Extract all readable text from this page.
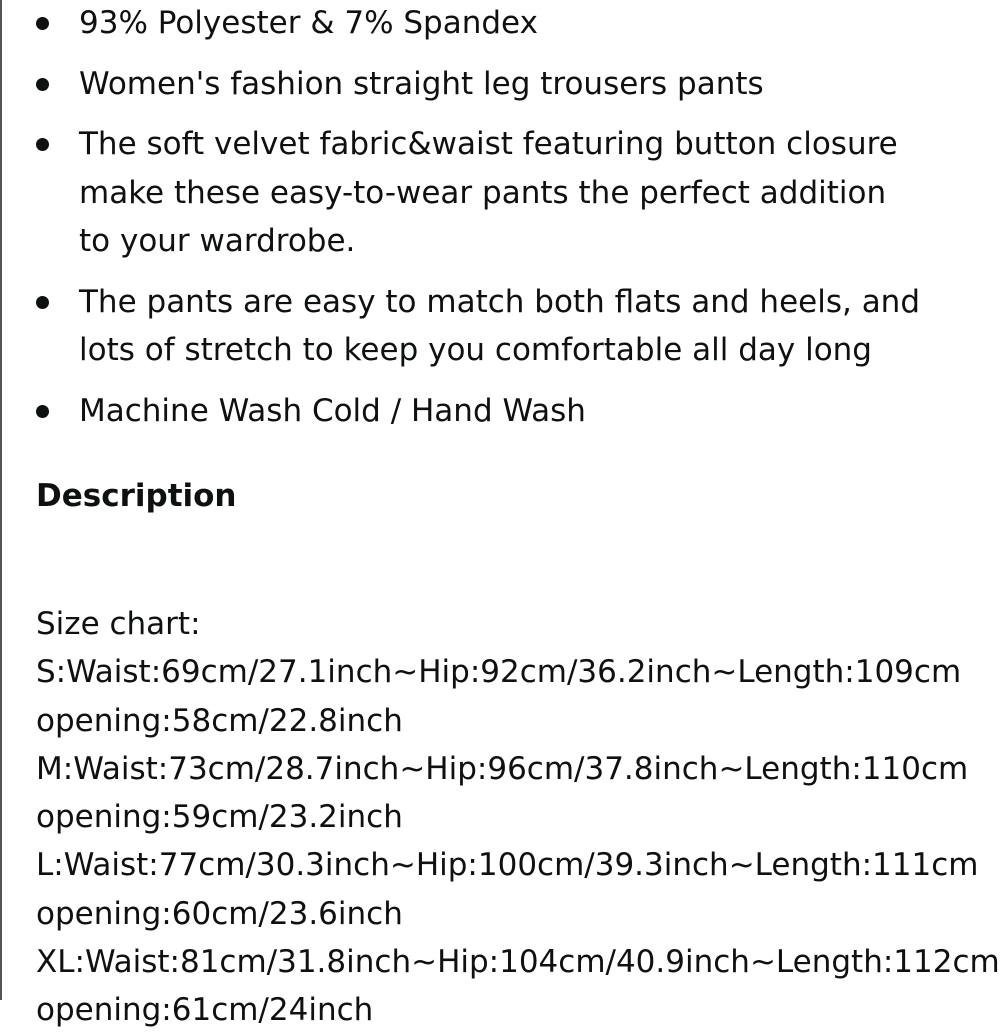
93% Polyester & 7% Spandex
Women's fashion straight leg trousers pants
The soft velvet fabric&waist featuring button closure
make these easy-to-wear pants the perfect addition
to your wardrobe.
The pants are easy to match both flats and heels, and
lots of stretch to keep you comfortable all day long
Machine Wash Cold / Hand Wash
Description
Size chart:
S:Waist:69cm/27.1inch~Hip:92cm/36.2inch~Length:109cm
opening:58cm/22.8inch
M:Waist:73cm/28.7inch~Hip:96cm/37.8inch~Length:110cm
opening:59cm/23.2inch
L:Waist:77cm/30.3inch~Hip:100cm/39.3inch~Length:111cm
opening:60cm/23.6inch
XL:Waist:81cm/31.8inch~Hip:104cm/40.9inch~Length:112cm
opening:61cm/24inch
